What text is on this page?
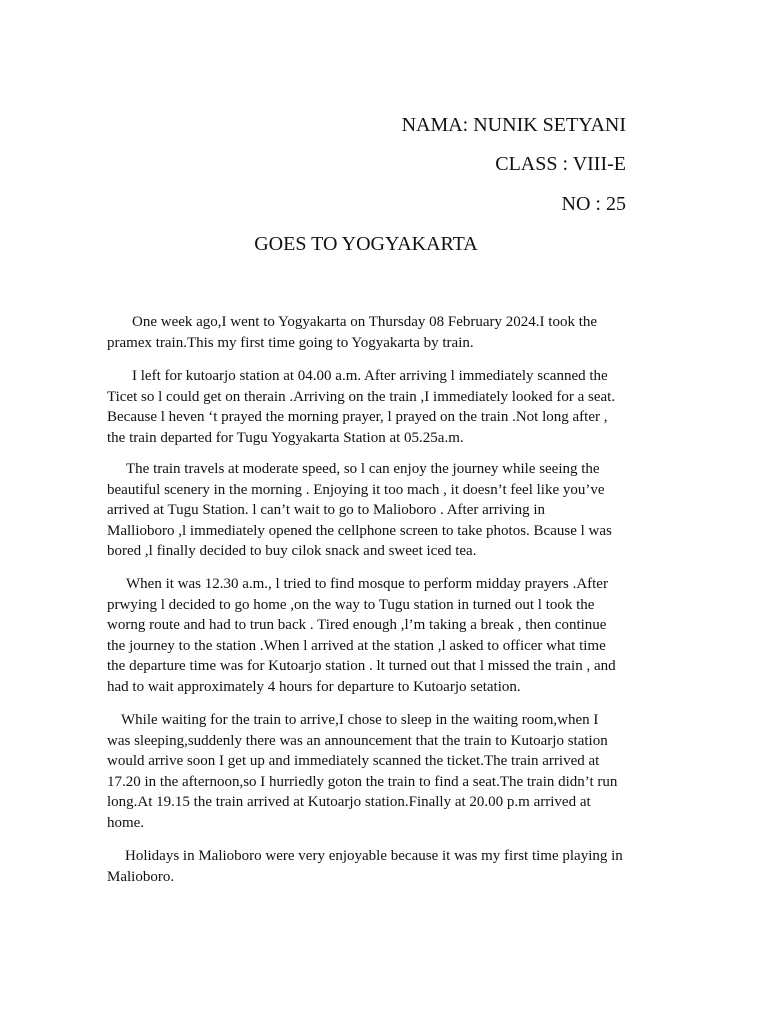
NAMA: NUNIK SETYANI
CLASS : VIII-E
NO : 25
GOES TO YOGYAKARTA
One week ago,I went to Yogyakarta on Thursday 08 February 2024.I took the
pramex train.This my first time going to Yogyakarta by train.
I left for kutoarjo station at 04.00 a.m. After arriving l immediately scanned the
Ticet so l could get on therain .Arriving on the train ,I immediately looked for a seat.
Because l heven ‘t prayed the morning prayer, l prayed on the train .Not long after ,
the train departed for Tugu Yogyakarta Station at 05.25a.m.
The train travels at moderate speed, so l can enjoy the journey while seeing the
beautiful scenery in the morning . Enjoying it too mach , it doesn’t feel like you’ve
arrived at Tugu Station. l can’t wait to go to Malioboro . After arriving in
Mallioboro ,l immediately opened the cellphone screen to take photos. Bcause l was
bored ,l finally decided to buy cilok snack and sweet iced tea.
When it was 12.30 a.m., l tried to find mosque to perform midday prayers .After
prwying l decided to go home ,on the way to Tugu station in turned out l took the
worng route and had to trun back . Tired enough ,l’m taking a break , then continue
the journey to the station .When l arrived at the station ,l asked to officer what time
the departure time was for Kutoarjo station . lt turned out that l missed the train , and
had to wait approximately 4 hours for departure to Kutoarjo setation.
While waiting for the train to arrive,I chose to sleep in the waiting room,when I
was sleeping,suddenly there was an announcement that the train to Kutoarjo station
would arrive soon I get up and immediately scanned the ticket.The train arrived at
17.20 in the afternoon,so I hurriedly goton the train to find a seat.The train didn’t run
long.At 19.15 the train arrived at Kutoarjo station.Finally at 20.00 p.m arrived at
home.
Holidays in Malioboro were very enjoyable because it was my first time playing in
Malioboro.
